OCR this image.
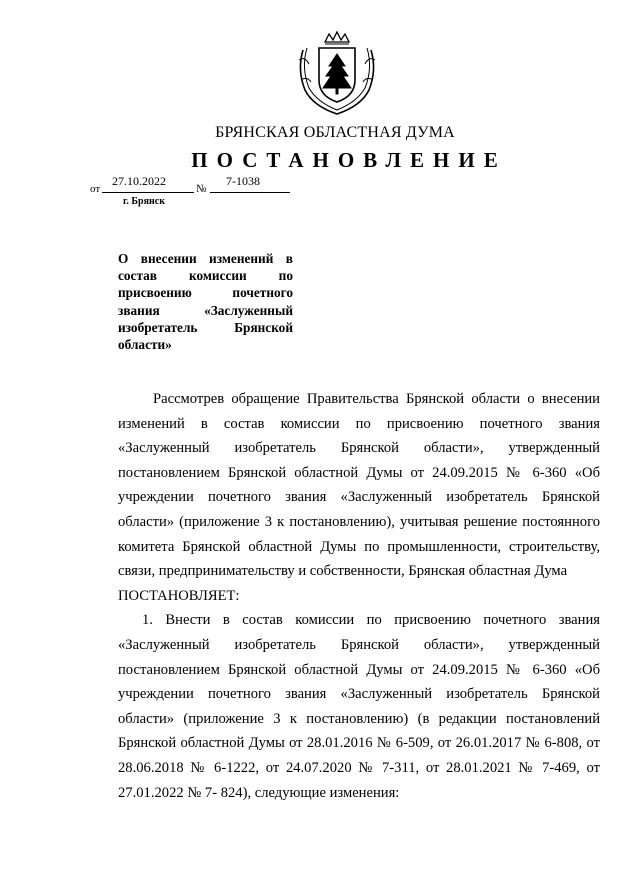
БРЯНСКАЯ ОБЛАСТНАЯ ДУМА
ПОСТАНОВЛЕНИЕ
от
27.10.2022
№
7-1038
г. Брянск
О внесении изменений в состав комиссии по присвоению почетного звания «Заслуженный изобретатель Брянской области»

Рассмотрев обращение Правительства Брянской области о внесении изменений в состав комиссии по присвоению почетного звания «Заслуженный изобретатель Брянской области», утвержденный постановлением Брянской областной Думы от 24.09.2015 № 6-360 «Об учреждении почетного звания «Заслуженный изобретатель Брянской области» (приложение 3 к постановлению), учитывая решение постоянного комитета Брянской областной Думы по промышленности, строительству, связи, предпринимательству и собственности, Брянская областная Дума

ПОСТАНОВЛЯЕТ:

1. Внести в состав комиссии по присвоению почетного звания «Заслуженный изобретатель Брянской области», утвержденный постановлением Брянской областной Думы от 24.09.2015 № 6-360 «Об учреждении почетного звания «Заслуженный изобретатель Брянской области» (приложение 3 к постановлению) (в редакции постановлений Брянской областной Думы от 28.01.2016 № 6-509, от 26.01.2017 № 6-808, от 28.06.2018 № 6-1222, от 24.07.2020 № 7-311, от 28.01.2021 № 7-469, от 27.01.2022 № 7- 824), следующие изменения:
